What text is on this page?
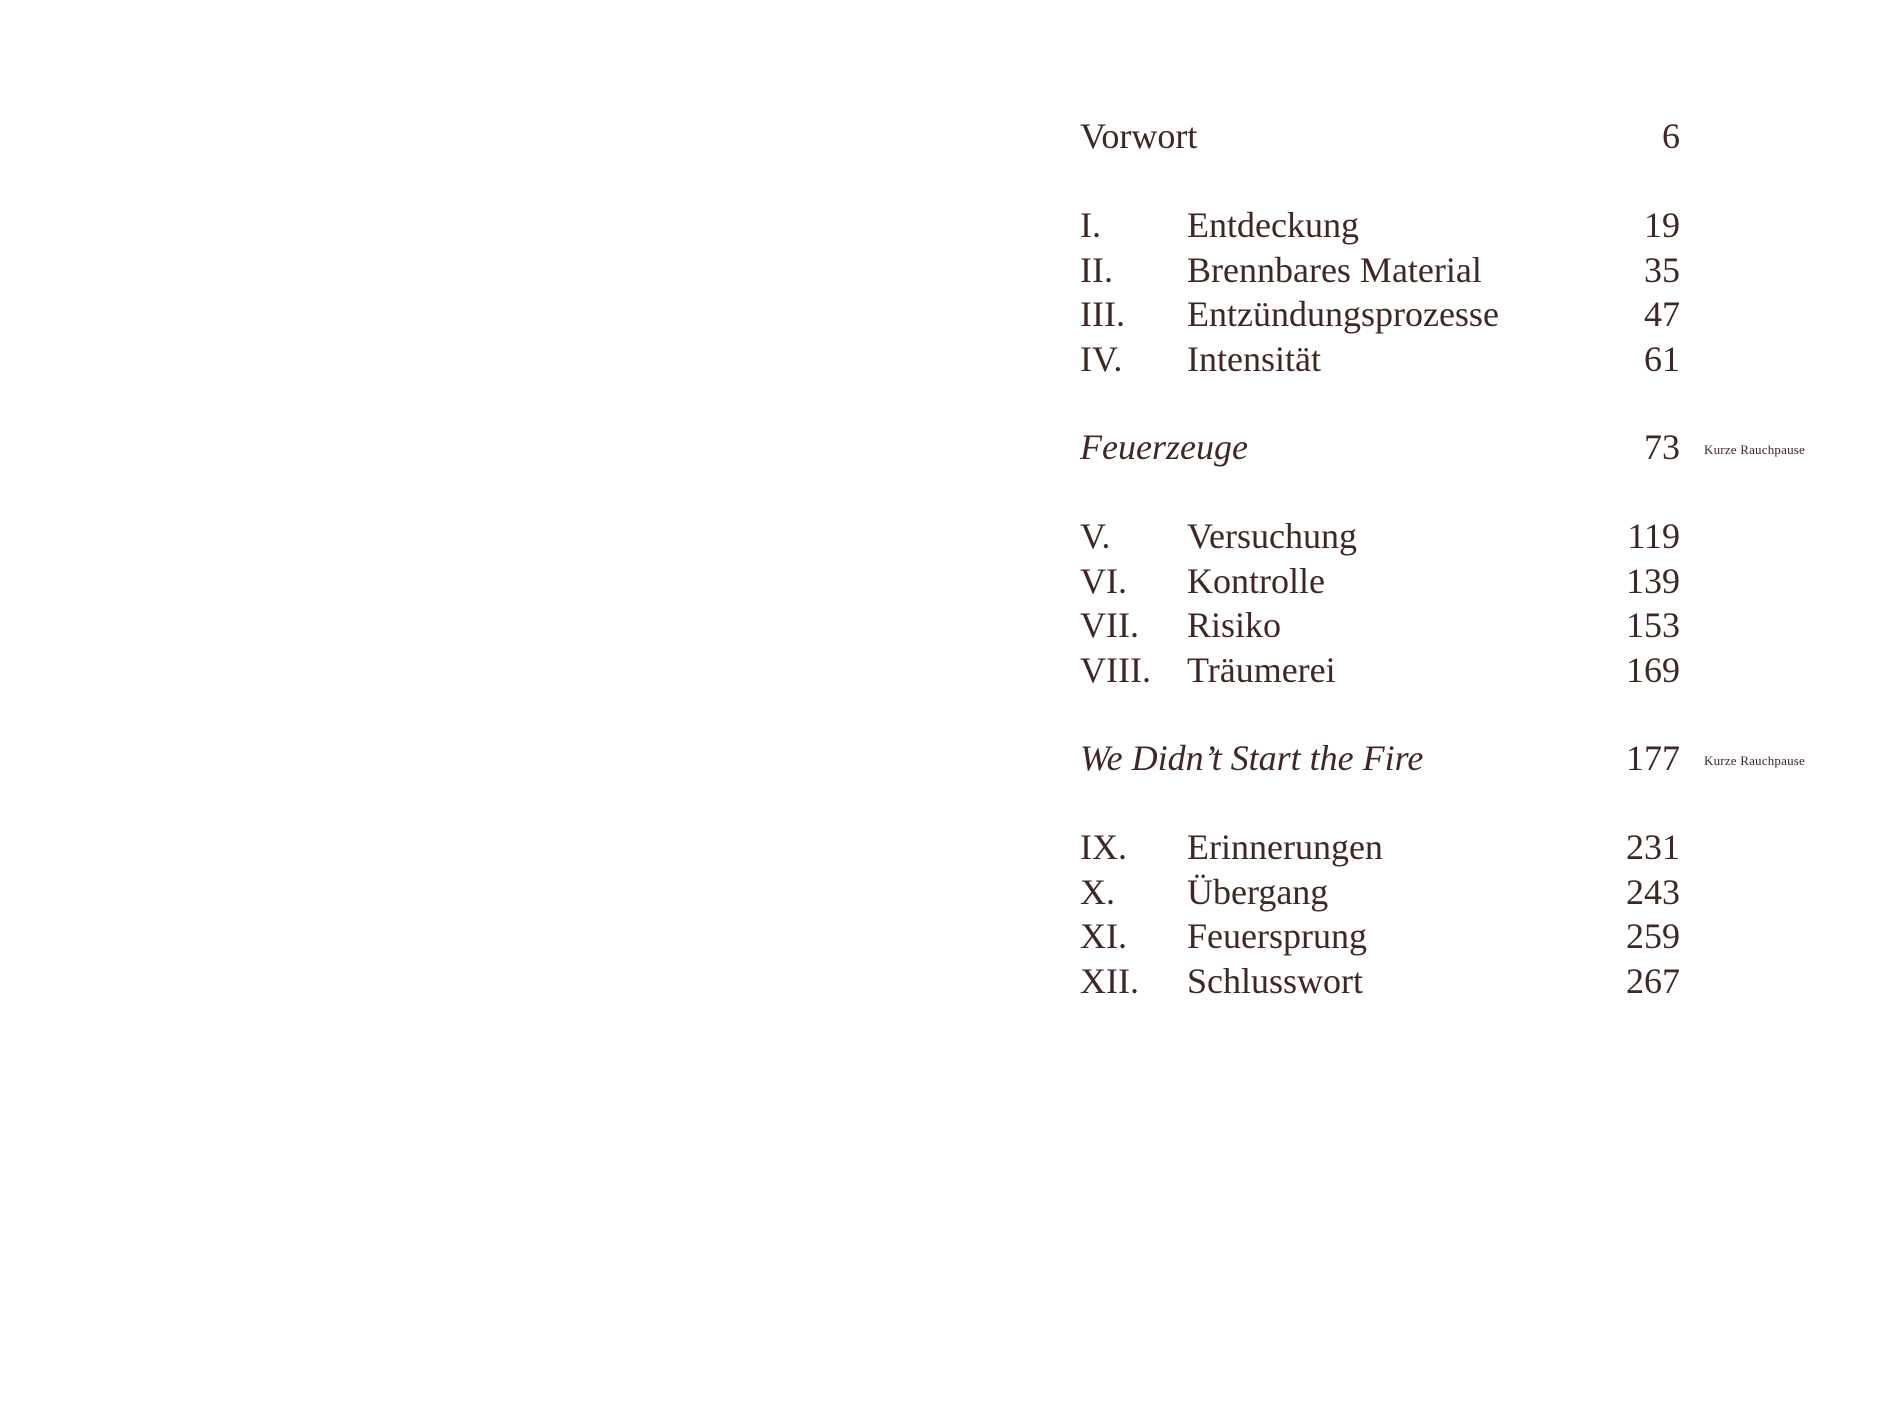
Vorwort	6
I. Entdeckung	19
II. Brennbares Material	35
III. Entzündungsprozesse	47
IV. Intensität	61
Feuerzeuge	73 Kurze Rauchpause
V. Versuchung	119
VI. Kontrolle	139
VII. Risiko	153
VIII. Träumerei	169
We Didn’t Start the Fire	177 Kurze Rauchpause
IX. Erinnerungen	231
X. Übergang	243
XI. Feuersprung	259
XII. Schlusswort	267
